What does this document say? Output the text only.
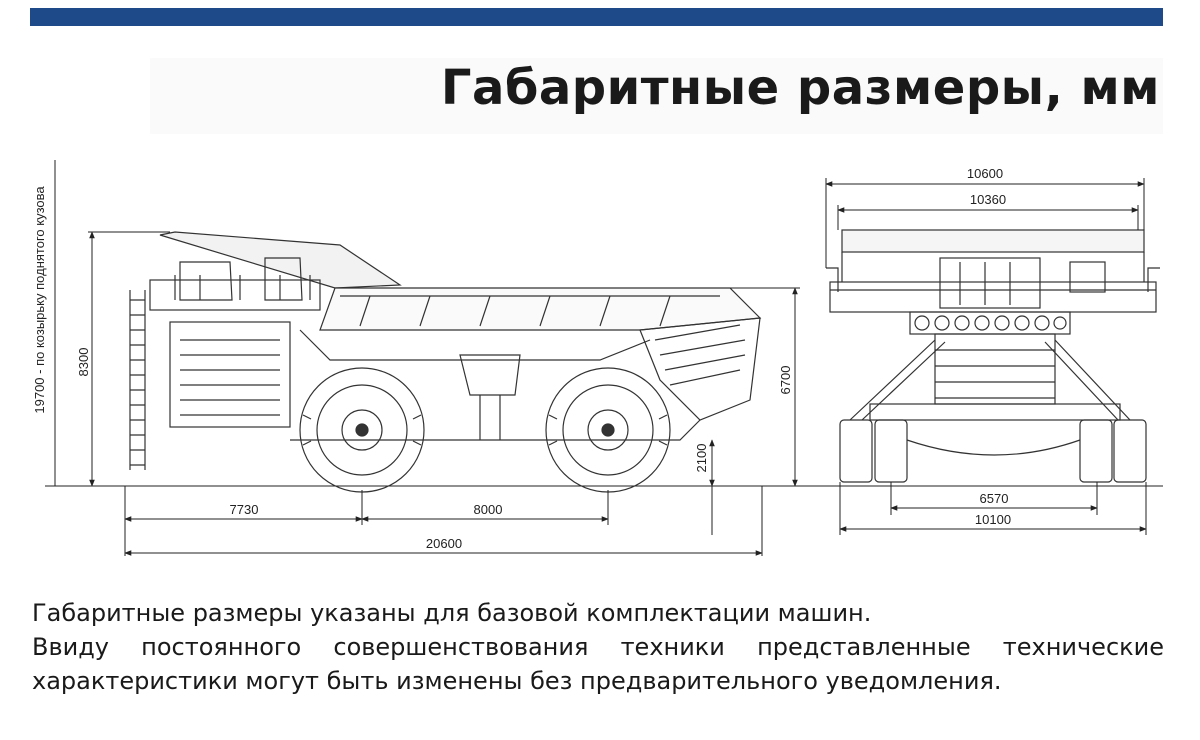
Габаритные размеры, мм
19700 - по козырьку поднятого кузова 8300
6700
2100
7730	8000
20600
10600
10360
6570
10100

Габаритные размеры указаны для базовой комплектации машин.
Ввиду постоянного совершенствования техники представленные технические
характеристики могут быть изменены без предварительного уведомления.
